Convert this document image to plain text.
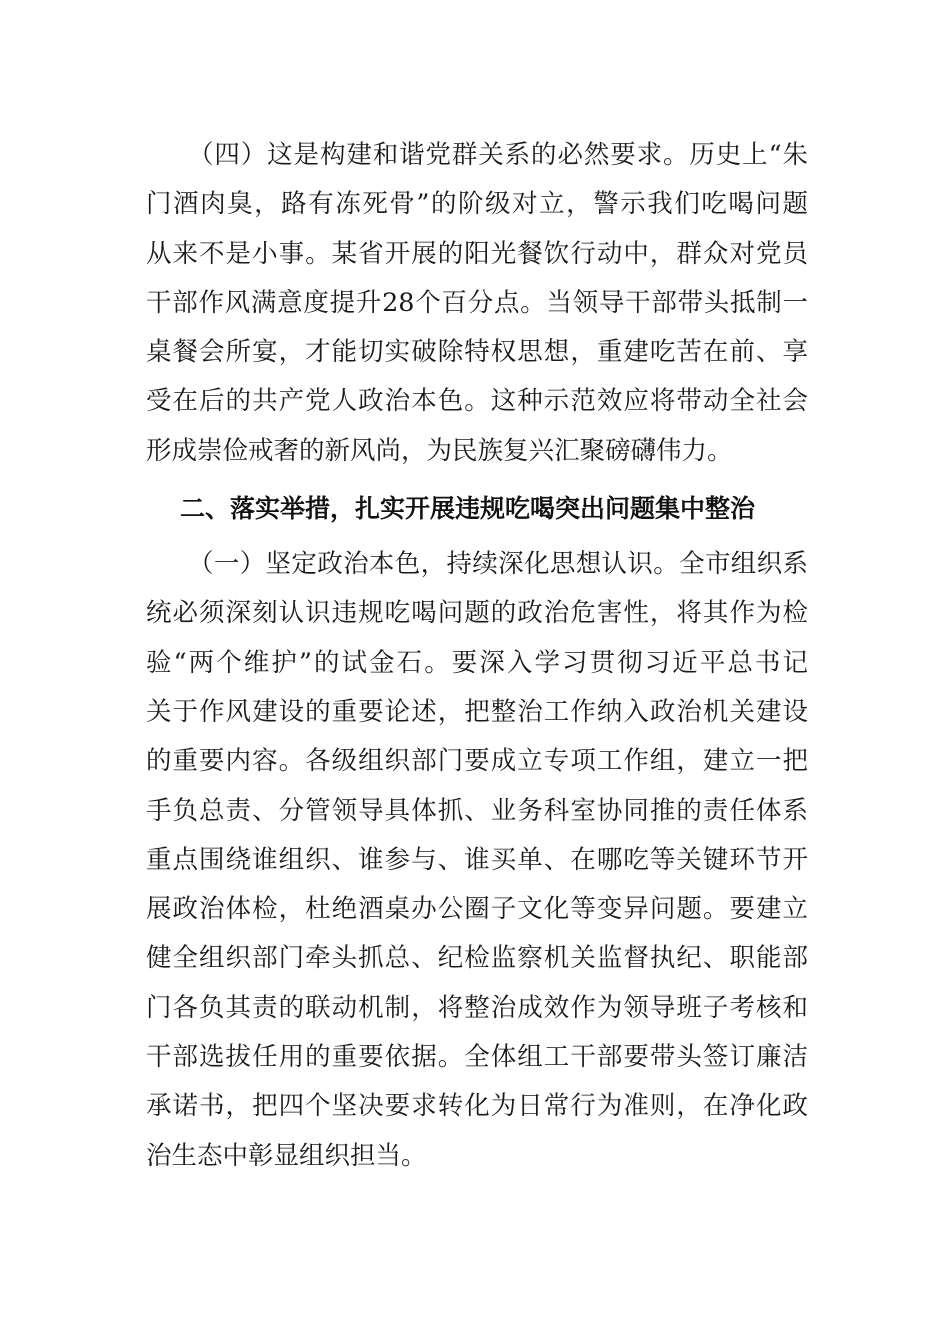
（四）这是构建和谐党群关系的必然要求。历史上“朱
门酒肉臭，路有冻死骨”的阶级对立，警示我们吃喝问题
从来不是小事。某省开展的阳光餐饮行动中，群众对党员
干部作风满意度提升28个百分点。当领导干部带头抵制一
桌餐会所宴，才能切实破除特权思想，重建吃苦在前、享
受在后的共产党人政治本色。这种示范效应将带动全社会
形成崇俭戒奢的新风尚，为民族复兴汇聚磅礴伟力。
二、落实举措，扎实开展违规吃喝突出问题集中整治
（一）坚定政治本色，持续深化思想认识。全市组织系
统必须深刻认识违规吃喝问题的政治危害性，将其作为检
验“两个维护”的试金石。要深入学习贯彻习近平总书记
关于作风建设的重要论述，把整治工作纳入政治机关建设
的重要内容。各级组织部门要成立专项工作组，建立一把
手负总责、分管领导具体抓、业务科室协同推的责任体系
重点围绕谁组织、谁参与、谁买单、在哪吃等关键环节开
展政治体检，杜绝酒桌办公圈子文化等变异问题。要建立
健全组织部门牵头抓总、纪检监察机关监督执纪、职能部
门各负其责的联动机制，将整治成效作为领导班子考核和
干部选拔任用的重要依据。全体组工干部要带头签订廉洁
承诺书，把四个坚决要求转化为日常行为准则，在净化政
治生态中彰显组织担当。
